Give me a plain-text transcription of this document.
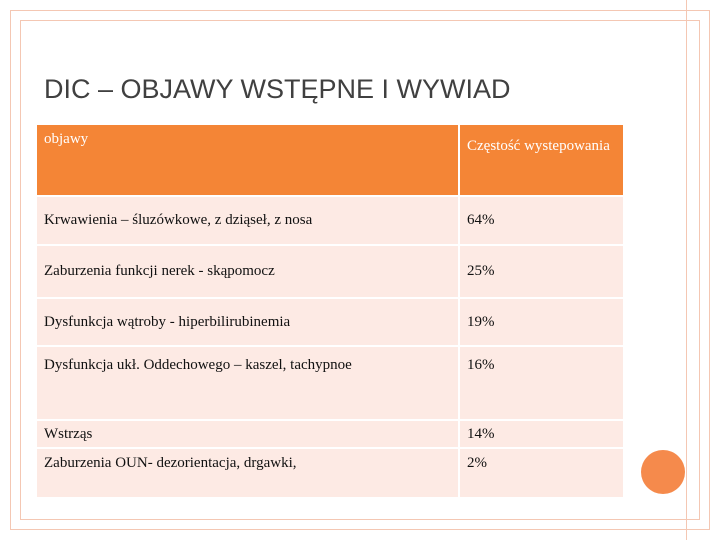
DIC – OBJAWY WSTĘPNE I WYWIAD
objawy	Częstość wystepowania
Krwawienia – śluzówkowe, z dziąseł, z nosa	64%
Zaburzenia funkcji nerek - skąpomocz	25%
Dysfunkcja wątroby - hiperbilirubinemia	19%
Dysfunkcja ukł. Oddechowego – kaszel, tachypnoe	16%
Wstrząs	14%
Zaburzenia OUN- dezorientacja, drgawki,	2%
